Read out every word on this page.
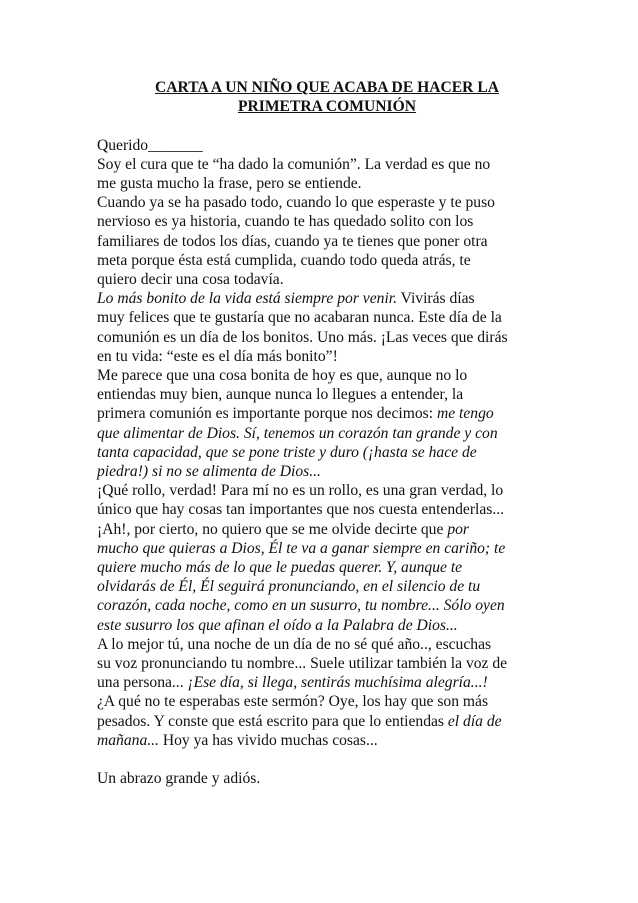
CARTA A UN NIÑO QUE ACABA DE HACER LA
PRIMETRA COMUNIÓN
Querido_______
Soy el cura que te “ha dado la comunión”. La verdad es que no
me gusta mucho la frase, pero se entiende.
Cuando ya se ha pasado todo, cuando lo que esperaste y te puso
nervioso es ya historia, cuando te has quedado solito con los
familiares de todos los días, cuando ya te tienes que poner otra
meta porque ésta está cumplida, cuando todo queda atrás, te
quiero decir una cosa todavía.
Lo más bonito de la vida está siempre por venir. Vivirás días
muy felices que te gustaría que no acabaran nunca. Este día de la
comunión es un día de los bonitos. Uno más. ¡Las veces que dirás
en tu vida: “este es el día más bonito”!
Me parece que una cosa bonita de hoy es que, aunque no lo
entiendas muy bien, aunque nunca lo llegues a entender, la
primera comunión es importante porque nos decimos: me tengo
que alimentar de Dios. Sí, tenemos un corazón tan grande y con
tanta capacidad, que se pone triste y duro (¡hasta se hace de
piedra!) si no se alimenta de Dios...
¡Qué rollo, verdad! Para mí no es un rollo, es una gran verdad, lo
único que hay cosas tan importantes que nos cuesta entenderlas...
¡Ah!, por cierto, no quiero que se me olvide decirte que por
mucho que quieras a Dios, Él te va a ganar siempre en cariño; te
quiere mucho más de lo que le puedas querer. Y, aunque te
olvidarás de Él, Él seguirá pronunciando, en el silencio de tu
corazón, cada noche, como en un susurro, tu nombre... Sólo oyen
este susurro los que afinan el oído a la Palabra de Dios...
A lo mejor tú, una noche de un día de no sé qué año.., escuchas
su voz pronunciando tu nombre... Suele utilizar también la voz de
una persona... ¡Ese día, si llega, sentirás muchísima alegría...!
¿A qué no te esperabas este sermón? Oye, los hay que son más
pesados. Y conste que está escrito para que lo entiendas el día de
mañana... Hoy ya has vivido muchas cosas...

Un abrazo grande y adiós.
